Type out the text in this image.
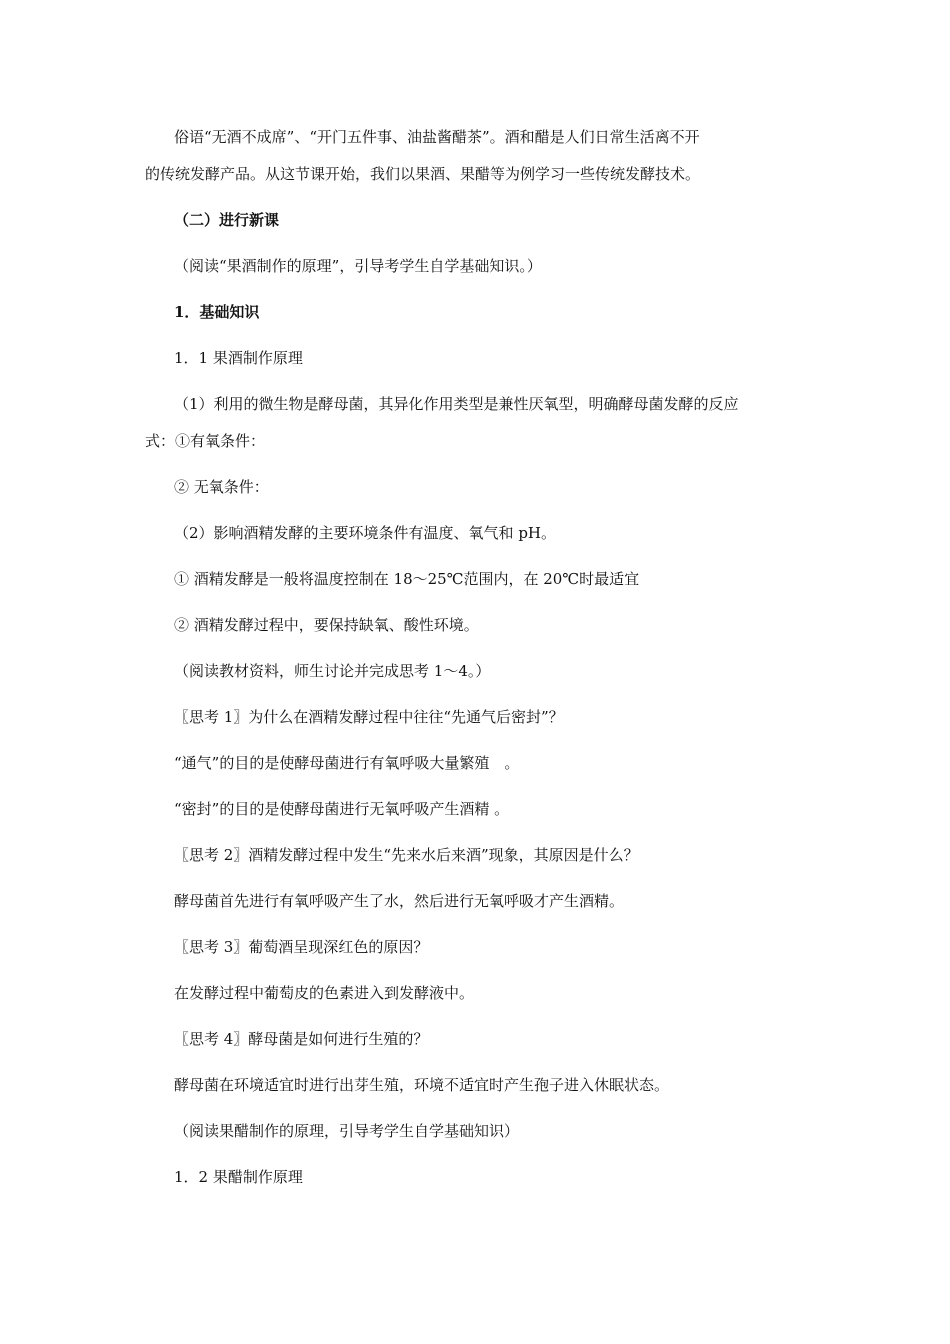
俗语“无酒不成席”、“开门五件事、油盐酱醋茶”。酒和醋是人们日常生活离不开
的传统发酵产品。从这节课开始，我们以果酒、果醋等为例学习一些传统发酵技术。
（二）进行新课
（阅读“果酒制作的原理”，引导考学生自学基础知识。）
1．基础知识
1．1 果酒制作原理
（1）利用的微生物是酵母菌，其异化作用类型是兼性厌氧型，明确酵母菌发酵的反应
式：①有氧条件：
② 无氧条件：
（2）影响酒精发酵的主要环境条件有温度、氧气和 pH。
① 酒精发酵是一般将温度控制在 18～25℃范围内，在 20℃时最适宜
② 酒精发酵过程中，要保持缺氧、酸性环境。
（阅读教材资料，师生讨论并完成思考 1～4。）
〖思考 1〗为什么在酒精发酵过程中往往“先通气后密封”？
“通气”的目的是使酵母菌进行有氧呼吸大量繁殖　。
“密封”的目的是使酵母菌进行无氧呼吸产生酒精 。
〖思考 2〗酒精发酵过程中发生“先来水后来酒”现象，其原因是什么？
酵母菌首先进行有氧呼吸产生了水，然后进行无氧呼吸才产生酒精。
〖思考 3〗葡萄酒呈现深红色的原因？
在发酵过程中葡萄皮的色素进入到发酵液中。
〖思考 4〗酵母菌是如何进行生殖的？
酵母菌在环境适宜时进行出芽生殖，环境不适宜时产生孢子进入休眠状态。
（阅读果醋制作的原理，引导考学生自学基础知识）
1．2 果醋制作原理
